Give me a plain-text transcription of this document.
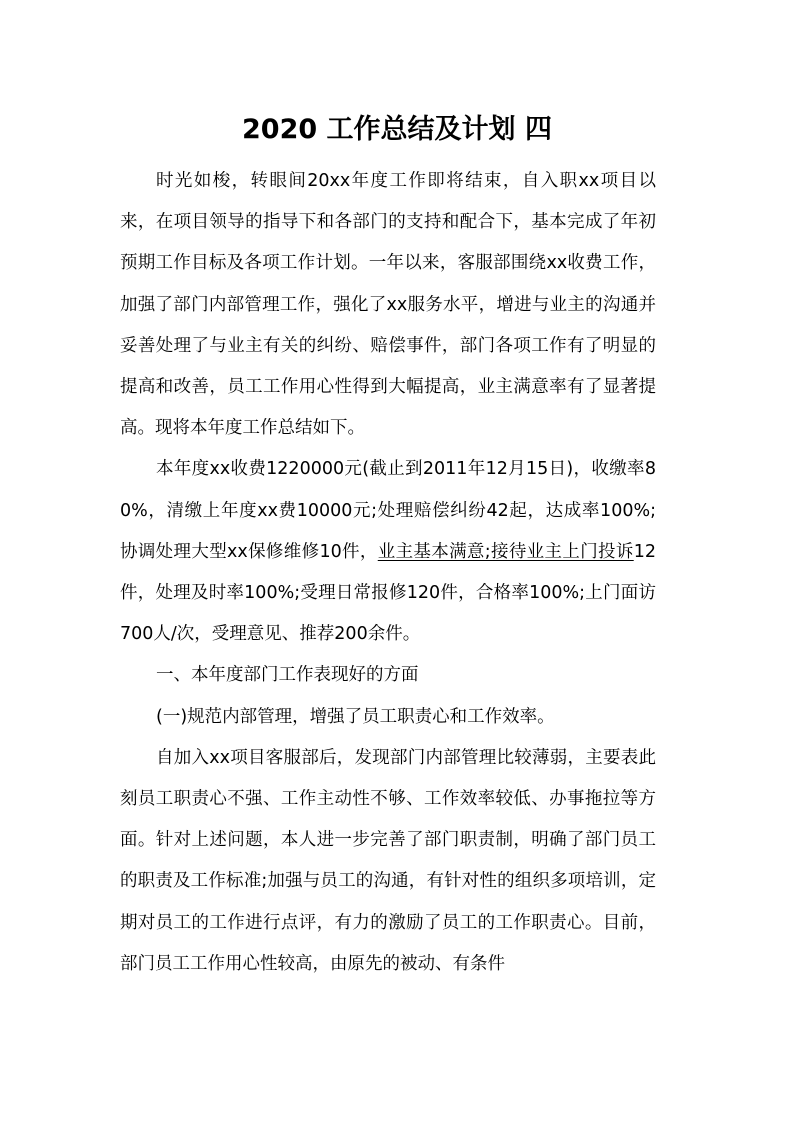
2020 工作总结及计划 四

时光如梭，转眼间20xx年度工作即将结束，自入职xx项目以来，在项目领导的指导下和各部门的支持和配合下，基本完成了年初预期工作目标及各项工作计划。一年以来，客服部围绕xx收费工作，加强了部门内部管理工作，强化了xx服务水平，增进与业主的沟通并妥善处理了与业主有关的纠纷、赔偿事件，部门各项工作有了明显的提高和改善，员工工作用心性得到大幅提高，业主满意率有了显著提高。现将本年度工作总结如下。

本年度xx收费1220000元(截止到2011年12月15日)，收缴率80%，清缴上年度xx费10000元;处理赔偿纠纷42起，达成率100%;协调处理大型xx保修维修10件，业主基本满意;接待业主上门投诉12件，处理及时率100%;受理日常报修120件，合格率100%;上门面访700人/次，受理意见、推荐200余件。

一、本年度部门工作表现好的方面

(一)规范内部管理，增强了员工职责心和工作效率。

自加入xx项目客服部后，发现部门内部管理比较薄弱，主要表此刻员工职责心不强、工作主动性不够、工作效率较低、办事拖拉等方面。针对上述问题，本人进一步完善了部门职责制，明确了部门员工的职责及工作标准;加强与员工的沟通，有针对性的组织多项培训，定期对员工的工作进行点评，有力的激励了员工的工作职责心。目前，部门员工工作用心性较高，由原先的被动、有条件
